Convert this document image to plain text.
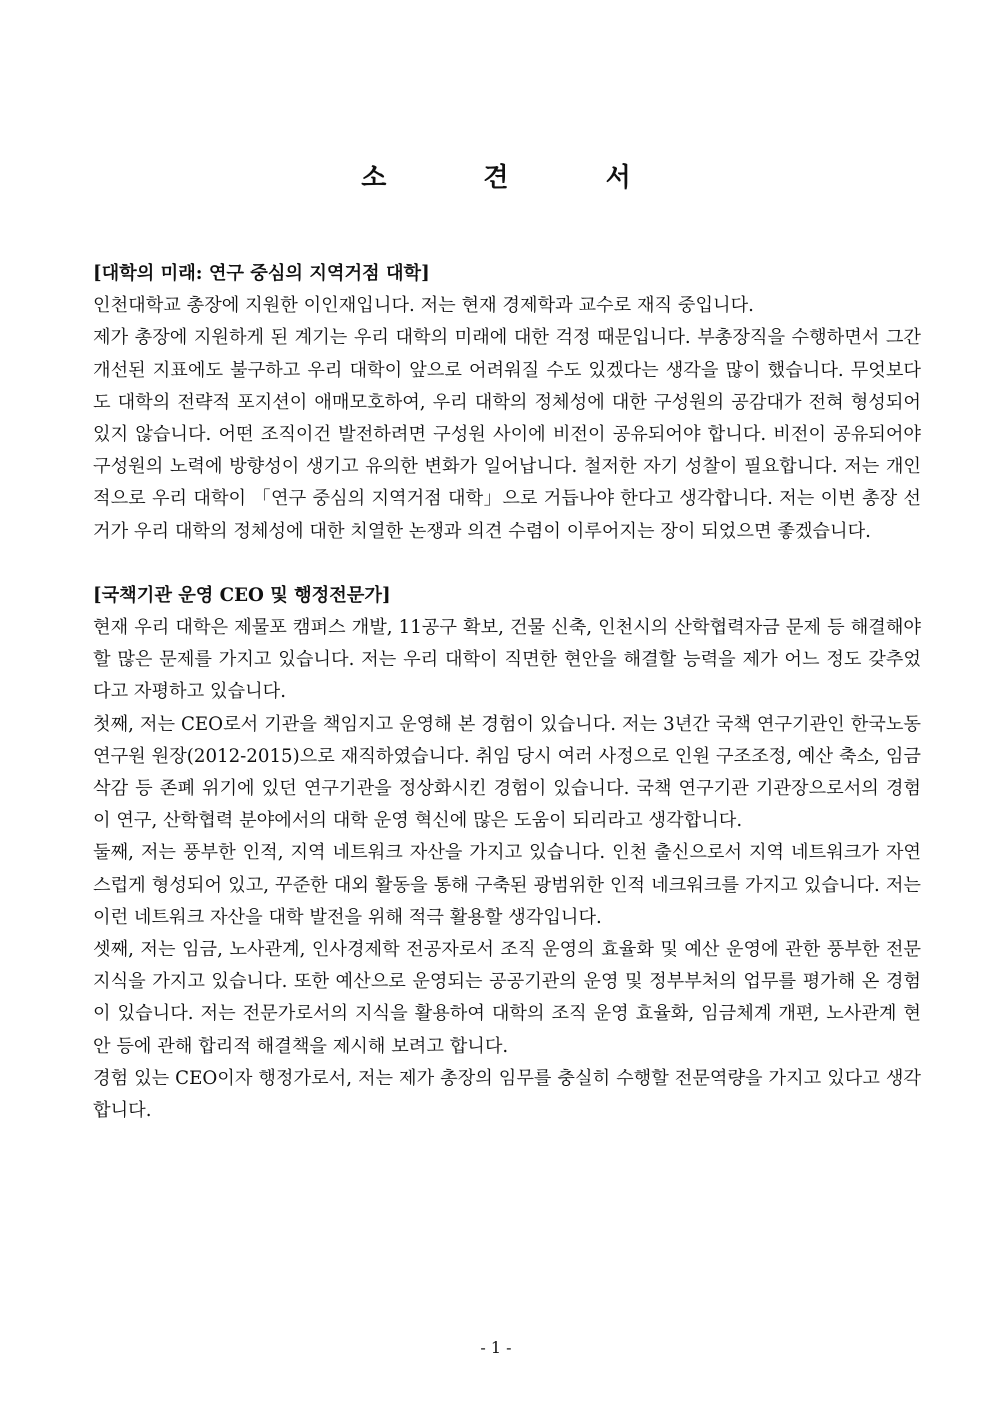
소 견 서

[대학의 미래: 연구 중심의 지역거점 대학]

인천대학교 총장에 지원한 이인재입니다. 저는 현재 경제학과 교수로 재직 중입니다.

제가 총장에 지원하게 된 계기는 우리 대학의 미래에 대한 걱정 때문입니다. 부총장직을 수행하면서 그간 개선된 지표에도 불구하고 우리 대학이 앞으로 어려워질 수도 있겠다는 생각을 많이 했습니다. 무엇보다도 대학의 전략적 포지션이 애매모호하여, 우리 대학의 정체성에 대한 구성원의 공감대가 전혀 형성되어 있지 않습니다. 어떤 조직이건 발전하려면 구성원 사이에 비전이 공유되어야 합니다. 비전이 공유되어야 구성원의 노력에 방향성이 생기고 유의한 변화가 일어납니다. 철저한 자기 성찰이 필요합니다. 저는 개인적으로 우리 대학이 「연구 중심의 지역거점 대학」으로 거듭나야 한다고 생각합니다. 저는 이번 총장 선거가 우리 대학의 정체성에 대한 치열한 논쟁과 의견 수렴이 이루어지는 장이 되었으면 좋겠습니다.

[국책기관 운영 CEO 및 행정전문가]

현재 우리 대학은 제물포 캠퍼스 개발, 11공구 확보, 건물 신축, 인천시의 산학협력자금 문제 등 해결해야 할 많은 문제를 가지고 있습니다. 저는 우리 대학이 직면한 현안을 해결할 능력을 제가 어느 정도 갖추었다고 자평하고 있습니다.

첫째, 저는 CEO로서 기관을 책임지고 운영해 본 경험이 있습니다. 저는 3년간 국책 연구기관인 한국노동연구원 원장(2012-2015)으로 재직하였습니다. 취임 당시 여러 사정으로 인원 구조조정, 예산 축소, 임금 삭감 등 존폐 위기에 있던 연구기관을 정상화시킨 경험이 있습니다. 국책 연구기관 기관장으로서의 경험이 연구, 산학협력 분야에서의 대학 운영 혁신에 많은 도움이 되리라고 생각합니다.

둘째, 저는 풍부한 인적, 지역 네트워크 자산을 가지고 있습니다. 인천 출신으로서 지역 네트워크가 자연스럽게 형성되어 있고, 꾸준한 대외 활동을 통해 구축된 광범위한 인적 네크워크를 가지고 있습니다. 저는 이런 네트워크 자산을 대학 발전을 위해 적극 활용할 생각입니다.

셋째, 저는 임금, 노사관계, 인사경제학 전공자로서 조직 운영의 효율화 및 예산 운영에 관한 풍부한 전문지식을 가지고 있습니다. 또한 예산으로 운영되는 공공기관의 운영 및 정부부처의 업무를 평가해 온 경험이 있습니다. 저는 전문가로서의 지식을 활용하여 대학의 조직 운영 효율화, 임금체계 개편, 노사관계 현안 등에 관해 합리적 해결책을 제시해 보려고 합니다.

경험 있는 CEO이자 행정가로서, 저는 제가 총장의 임무를 충실히 수행할 전문역량을 가지고 있다고 생각합니다.

- 1 -
